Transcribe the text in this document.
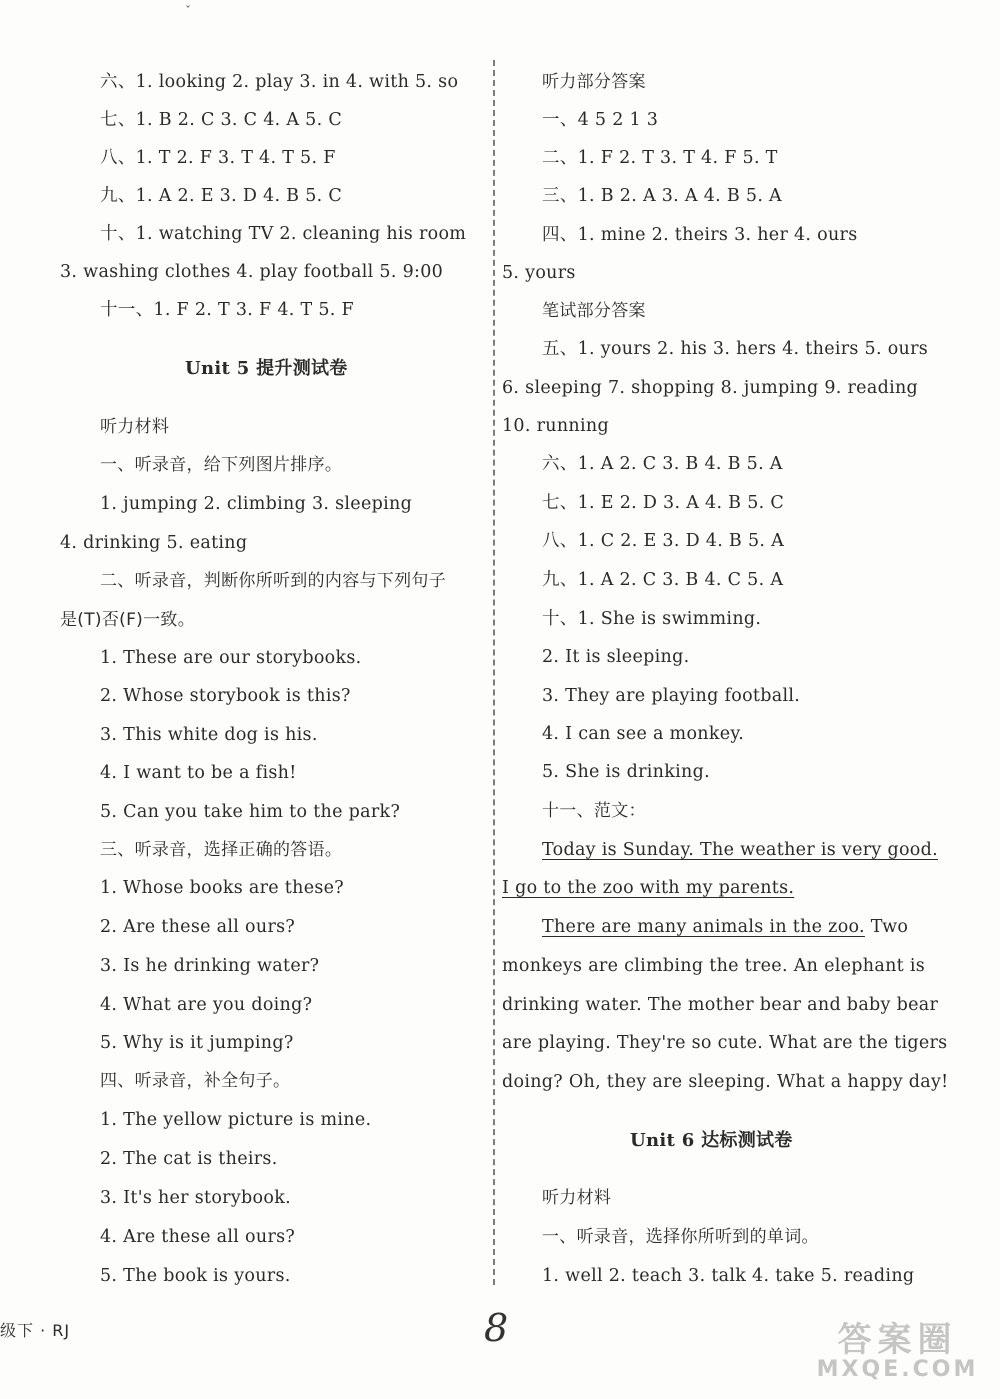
ˇ
六、1. looking 2. play 3. in 4. with 5. so
七、1. B 2. C 3. C 4. A 5. C
八、1. T 2. F 3. T 4. T 5. F
九、1. A 2. E 3. D 4. B 5. C
十、1. watching TV 2. cleaning his room
3. washing clothes 4. play football 5. 9:00
十一、1. F 2. T 3. F 4. T 5. F
Unit 5 提升测试卷
听力材料
一、听录音，给下列图片排序。
1. jumping 2. climbing 3. sleeping
4. drinking 5. eating
二、听录音，判断你所听到的内容与下列句子
是(T)否(F)一致。
1. These are our storybooks.
2. Whose storybook is this?
3. This white dog is his.
4. I want to be a fish!
5. Can you take him to the park?
三、听录音，选择正确的答语。
1. Whose books are these?
2. Are these all ours?
3. Is he drinking water?
4. What are you doing?
5. Why is it jumping?
四、听录音，补全句子。
1. The yellow picture is mine.
2. The cat is theirs.
3. It's her storybook.
4. Are these all ours?
5. The book is yours.
听力部分答案
一、4 5 2 1 3
二、1. F 2. T 3. T 4. F 5. T
三、1. B 2. A 3. A 4. B 5. A
四、1. mine 2. theirs 3. her 4. ours
5. yours
笔试部分答案
五、1. yours 2. his 3. hers 4. theirs 5. ours
6. sleeping 7. shopping 8. jumping 9. reading
10. running
六、1. A 2. C 3. B 4. B 5. A
七、1. E 2. D 3. A 4. B 5. C
八、1. C 2. E 3. D 4. B 5. A
九、1. A 2. C 3. B 4. C 5. A
十、1. She is swimming.
2. It is sleeping.
3. They are playing football.
4. I can see a monkey.
5. She is drinking.
十一、范文：
Today is Sunday. The weather is very good.
I go to the zoo with my parents.
There are many animals in the zoo. Two
monkeys are climbing the tree. An elephant is
drinking water. The mother bear and baby bear
are playing. They're so cute. What are the tigers
doing? Oh, they are sleeping. What a happy day!
Unit 6 达标测试卷
听力材料
一、听录音，选择你所听到的单词。
1. well 2. teach 3. talk 4. take 5. reading
级下 · RJ	8	答案圈
MXQE.COM
